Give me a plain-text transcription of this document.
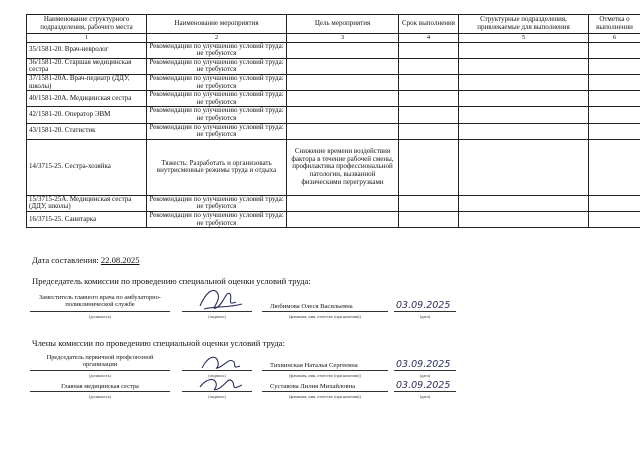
Наименование структурного подразделения, рабочего места	Наименование мероприятия	Цель мероприятия	Срок выполнения	Структурные подразделения, привлекаемые для выполнения	Отметка о выполнении
1	2	3	4	5	6
35/1581-20. Врач-невролог	Рекомендации по улучшению условий труда: не требуются				
36/1581-20. Старшая медицинская сестра	Рекомендации по улучшению условий труда: не требуются				
37/1581-20А. Врач-педиатр (ДДУ, школы)	Рекомендации по улучшению условий труда: не требуются				
40/1581-20А. Медицинская сестра	Рекомендации по улучшению условий труда: не требуются				
42/1581-20. Оператор ЭВМ	Рекомендации по улучшению условий труда: не требуются				
43/1581-20. Статистик	Рекомендации по улучшению условий труда: не требуются				
14/3715-25. Сестра-хозяйка	Тяжесть: Разработать и организовать внутрисменные режимы труда и отдыха	Снижение времени воздействия фактора в течение рабочей смены, профилактика профессиональной патологии, вызванной физическими перегрузками			
15/3715-25А. Медицинская сестра (ДДУ, школы)	Рекомендации по улучшению условий труда: не требуются				
16/3715-25. Санитарка	Рекомендации по улучшению условий труда: не требуются				
Дата составления: 22.08.2025
Председатель комиссии по проведению специальной оценки условий труда:
Заместитель главного врача по амбулаторно-поликлинической службе
(должность)	(подпись)
Любимова Олеся Васильевна
(фамилия, имя, отчество (при наличии))
03.09.2025
(дата)
Члены комиссии по проведению специальной оценки условий труда:
Председатель первичной профсоюзной организации
(должность)	(подпись)
Тихвинская Наталья Сергеевна
(фамилия, имя, отчество (при наличии))
03.09.2025
(дата)
Главная медицинская сестра
(должность)	(подпись)
Суставова Лилия Михайловна
(фамилия, имя, отчество (при наличии))
03.09.2025
(дата)
